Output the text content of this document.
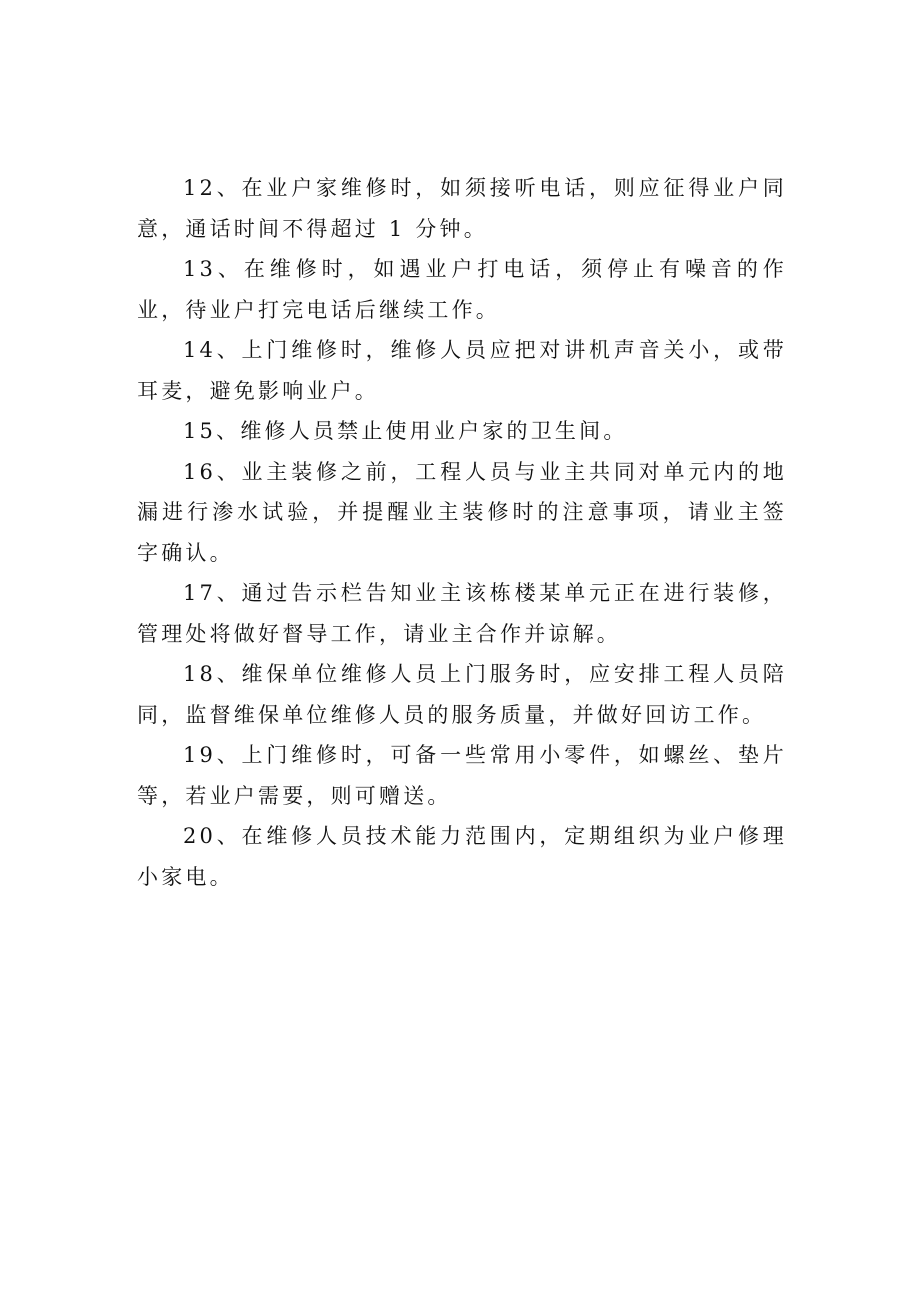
12、在业户家维修时，如须接听电话，则应征得业户同意，通话时间不得超过 1 分钟。

13、在维修时，如遇业户打电话，须停止有噪音的作业，待业户打完电话后继续工作。

14、上门维修时，维修人员应把对讲机声音关小，或带耳麦，避免影响业户。

15、维修人员禁止使用业户家的卫生间。

16、业主装修之前，工程人员与业主共同对单元内的地漏进行渗水试验，并提醒业主装修时的注意事项，请业主签字确认。

17、通过告示栏告知业主该栋楼某单元正在进行装修，管理处将做好督导工作，请业主合作并谅解。

18、维保单位维修人员上门服务时，应安排工程人员陪同，监督维保单位维修人员的服务质量，并做好回访工作。

19、上门维修时，可备一些常用小零件，如螺丝、垫片等，若业户需要，则可赠送。

20、在维修人员技术能力范围内，定期组织为业户修理小家电。
